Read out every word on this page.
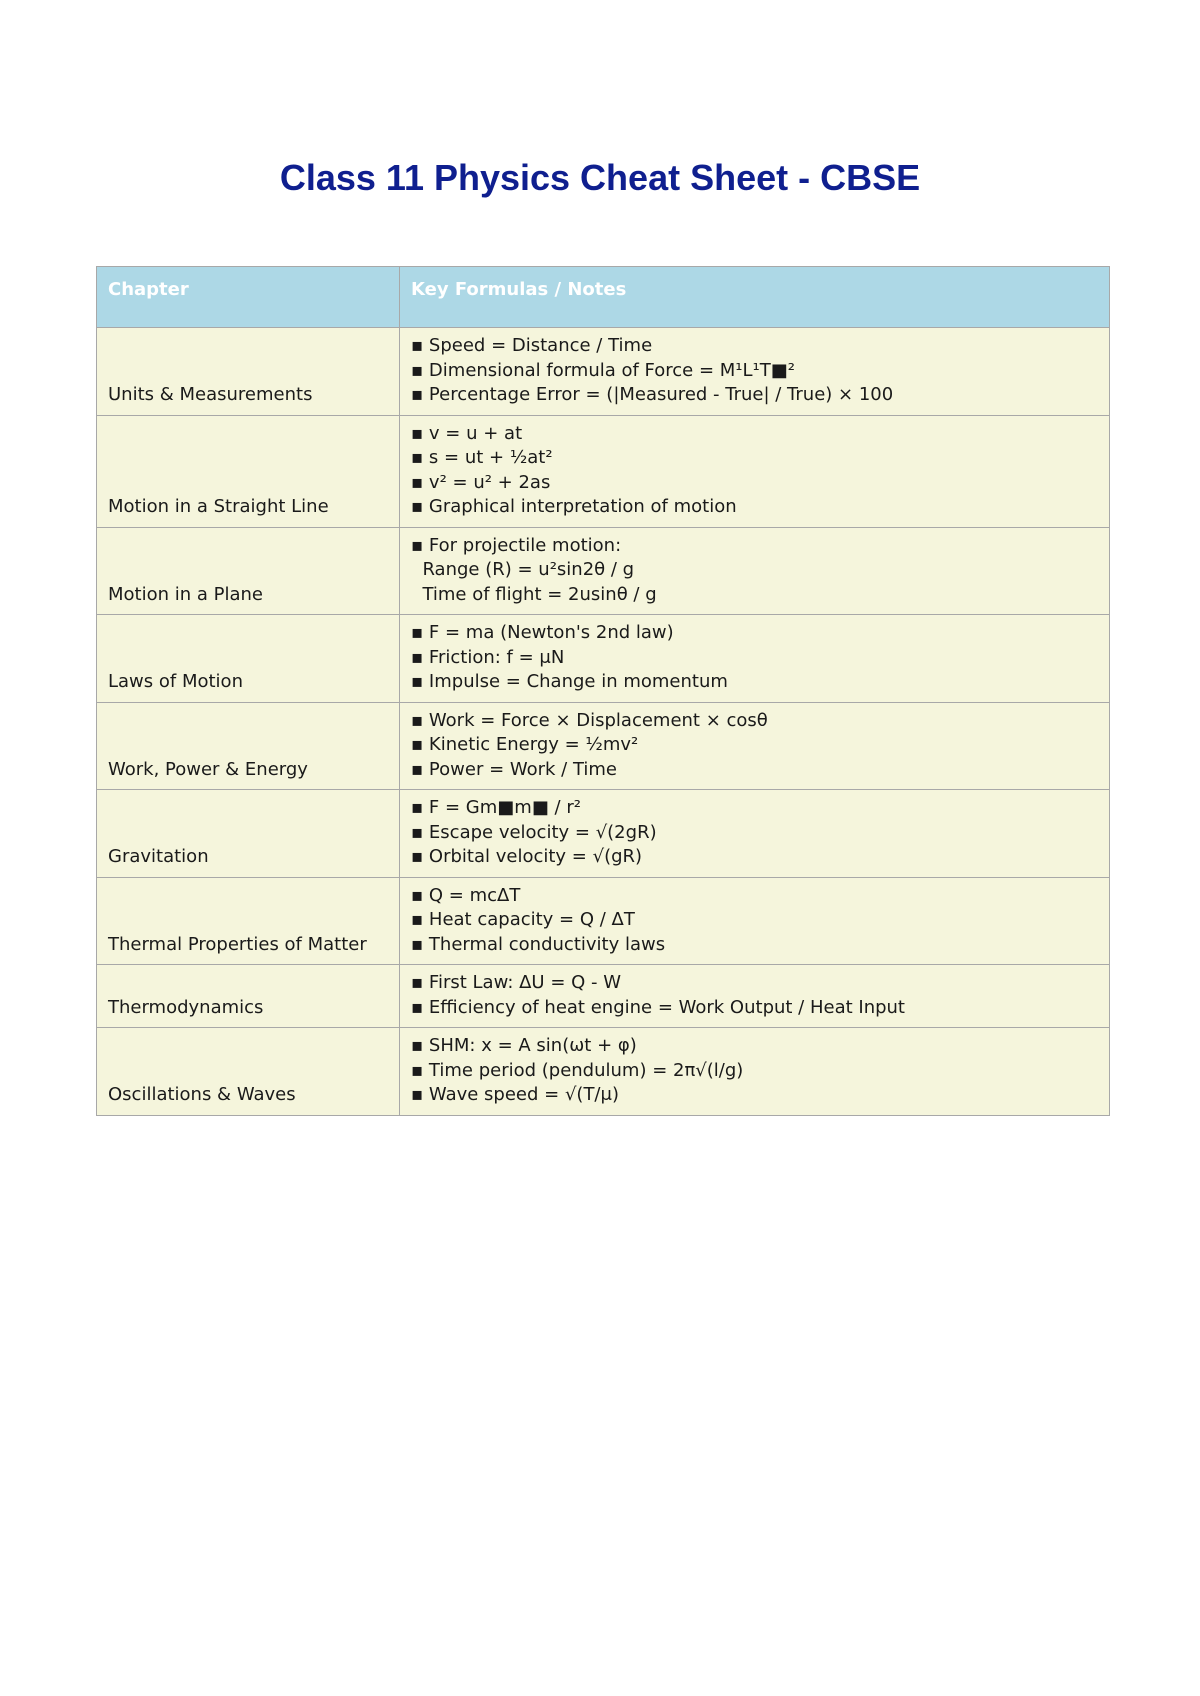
Class 11 Physics Cheat Sheet - CBSE
Chapter	Key Formulas / Notes
Units & Measurements	▪ Speed = Distance / Time
▪ Dimensional formula of Force = M¹L¹T■²
▪ Percentage Error = (|Measured - True| / True) × 100

Motion in a Straight Line	▪ v = u + at
▪ s = ut + ½at²
▪ v² = u² + 2as
▪ Graphical interpretation of motion

Motion in a Plane	▪ For projectile motion:
Range (R) = u²sin2θ / g
Time of flight = 2usinθ / g

Laws of Motion	▪ F = ma (Newton's 2nd law)
▪ Friction: f = μN
▪ Impulse = Change in momentum

Work, Power & Energy	▪ Work = Force × Displacement × cosθ
▪ Kinetic Energy = ½mv²
▪ Power = Work / Time

Gravitation	▪ F = Gm■m■ / r²
▪ Escape velocity = √(2gR)
▪ Orbital velocity = √(gR)

Thermal Properties of Matter	▪ Q = mcΔT
▪ Heat capacity = Q / ΔT
▪ Thermal conductivity laws

Thermodynamics	▪ First Law: ΔU = Q - W
▪ Efficiency of heat engine = Work Output / Heat Input

Oscillations & Waves	▪ SHM: x = A sin(ωt + φ)
▪ Time period (pendulum) = 2π√(l/g)
▪ Wave speed = √(T/μ)
